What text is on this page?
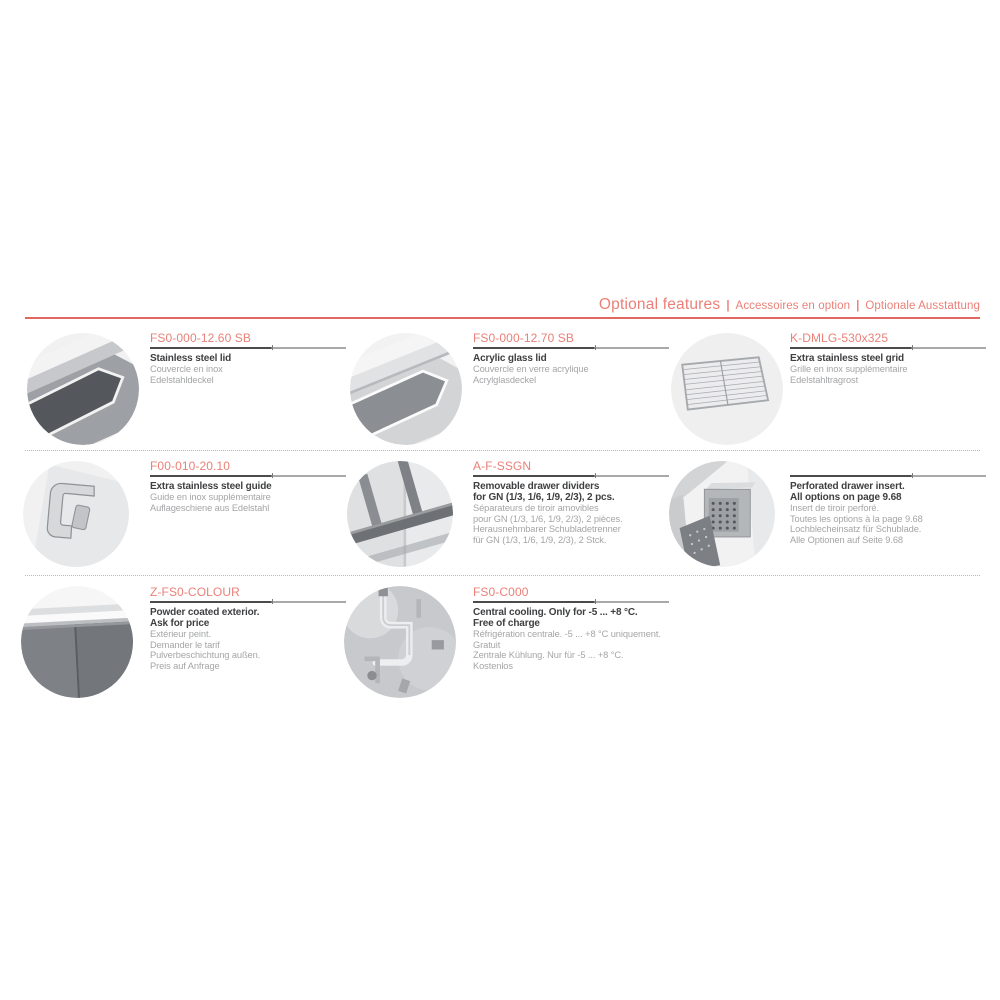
Optional features | Accessoires en option | Optionale Ausstattung
FS0-000-12.60 SB
Stainless steel lid
Couvercle en inox
Edelstahldeckel
FS0-000-12.70 SB
Acrylic glass lid
Couvercle en verre acrylique
Acrylglasdeckel
K-DMLG-530x325
Extra stainless steel grid
Grille en inox supplémentaire
Edelstahltragrost
F00-010-20.10
Extra stainless steel guide
Guide en inox supplémentaire
Auflageschiene aus Edelstahl
A-F-SSGN
Removable drawer dividers
for GN (1/3, 1/6, 1/9, 2/3), 2 pcs.
Séparateurs de tiroir amovibles
pour GN (1/3, 1/6, 1/9, 2/3), 2 pièces.
Herausnehmbarer Schubladetrenner
für GN (1/3, 1/6, 1/9, 2/3), 2 Stck.
Perforated drawer insert.
All options on page 9.68
Insert de tiroir perforé.
Toutes les options à la page 9.68
Lochblecheinsatz für Schublade.
Alle Optionen auf Seite 9.68
Z-FS0-COLOUR
Powder coated exterior.
Ask for price
Extérieur peint.
Demander le tarif
Pulverbeschichtung außen.
Preis auf Anfrage
FS0-C000
Central cooling. Only for -5 ... +8 °C.
Free of charge
Réfrigération centrale. -5 ... +8 °C uniquement.
Gratuit
Zentrale Kühlung. Nur für -5 ... +8 °C.
Kostenlos
